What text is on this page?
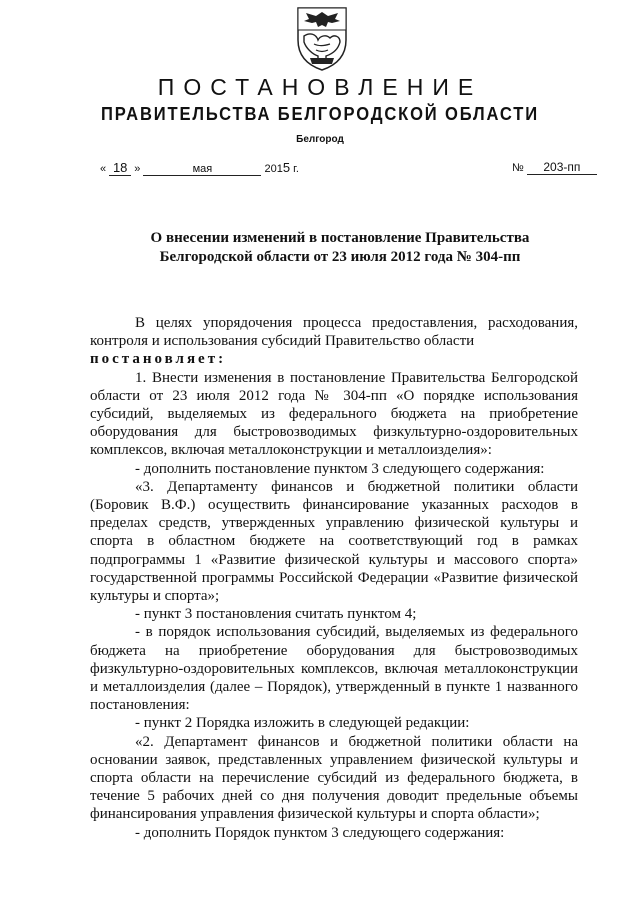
ПОСТАНОВЛЕНИЕ
ПРАВИТЕЛЬСТВА БЕЛГОРОДСКОЙ ОБЛАСТИ
Белгород
« 18 »	мая	2015 г.	№ 203-пп
О внесении изменений в постановление Правительства
Белгородской области от 23 июля 2012 года № 304-пп

В целях упорядочения процесса предоставления, расходования, контроля и использования субсидий Правительство области

постановляет:

1. Внести изменения в постановление Правительства Белгородской области от 23 июля 2012 года № 304-пп «О порядке использования субсидий, выделяемых из федерального бюджета на приобретение оборудования для быстровозводимых физкультурно-оздоровительных комплексов, включая металлоконструкции и металлоизделия»:

- дополнить постановление пунктом 3 следующего содержания:

«3. Департаменту финансов и бюджетной политики области (Боровик В.Ф.) осуществить финансирование указанных расходов в пределах средств, утвержденных управлению физической культуры и спорта в областном бюджете на соответствующий год в рамках подпрограммы 1 «Развитие физической культуры и массового спорта» государственной программы Российской Федерации «Развитие физической культуры и спорта»;

- пункт 3 постановления считать пунктом 4;

- в порядок использования субсидий, выделяемых из федерального бюджета на приобретение оборудования для быстровозводимых физкультурно-оздоровительных комплексов, включая металлоконструкции и металлоизделия (далее – Порядок), утвержденный в пункте 1 названного постановления:

- пункт 2 Порядка изложить в следующей редакции:

«2. Департамент финансов и бюджетной политики области на основании заявок, представленных управлением физической культуры и спорта области на перечисление субсидий из федерального бюджета, в течение 5 рабочих дней со дня получения доводит предельные объемы финансирования управления физической культуры и спорта области»;

- дополнить Порядок пунктом 3 следующего содержания:
